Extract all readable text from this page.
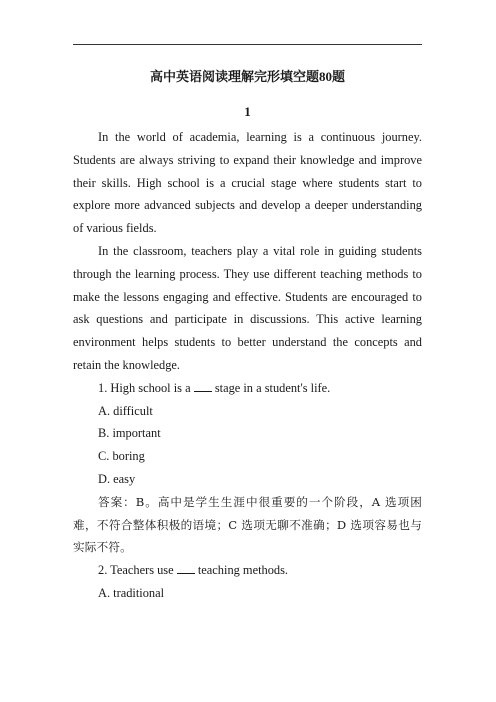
高中英语阅读理解完形填空题80题
1

In the world of academia, learning is a continuous journey. Students are always striving to expand their knowledge and improve their skills. High school is a crucial stage where students start to explore more advanced subjects and develop a deeper understanding of various fields.

In the classroom, teachers play a vital role in guiding students through the learning process. They use different teaching methods to make the lessons engaging and effective. Students are encouraged to ask questions and participate in discussions. This active learning environment helps students to better understand the concepts and retain the knowledge.

1. High school is a stage in a student's life.

A. difficult

B. important

C. boring

D. easy

答案：B。高中是学生生涯中很重要的一个阶段，A 选项困难，不符合整体积极的语境；C 选项无聊不准确；D 选项容易也与实际不符。

2. Teachers use teaching methods.

A. traditional
